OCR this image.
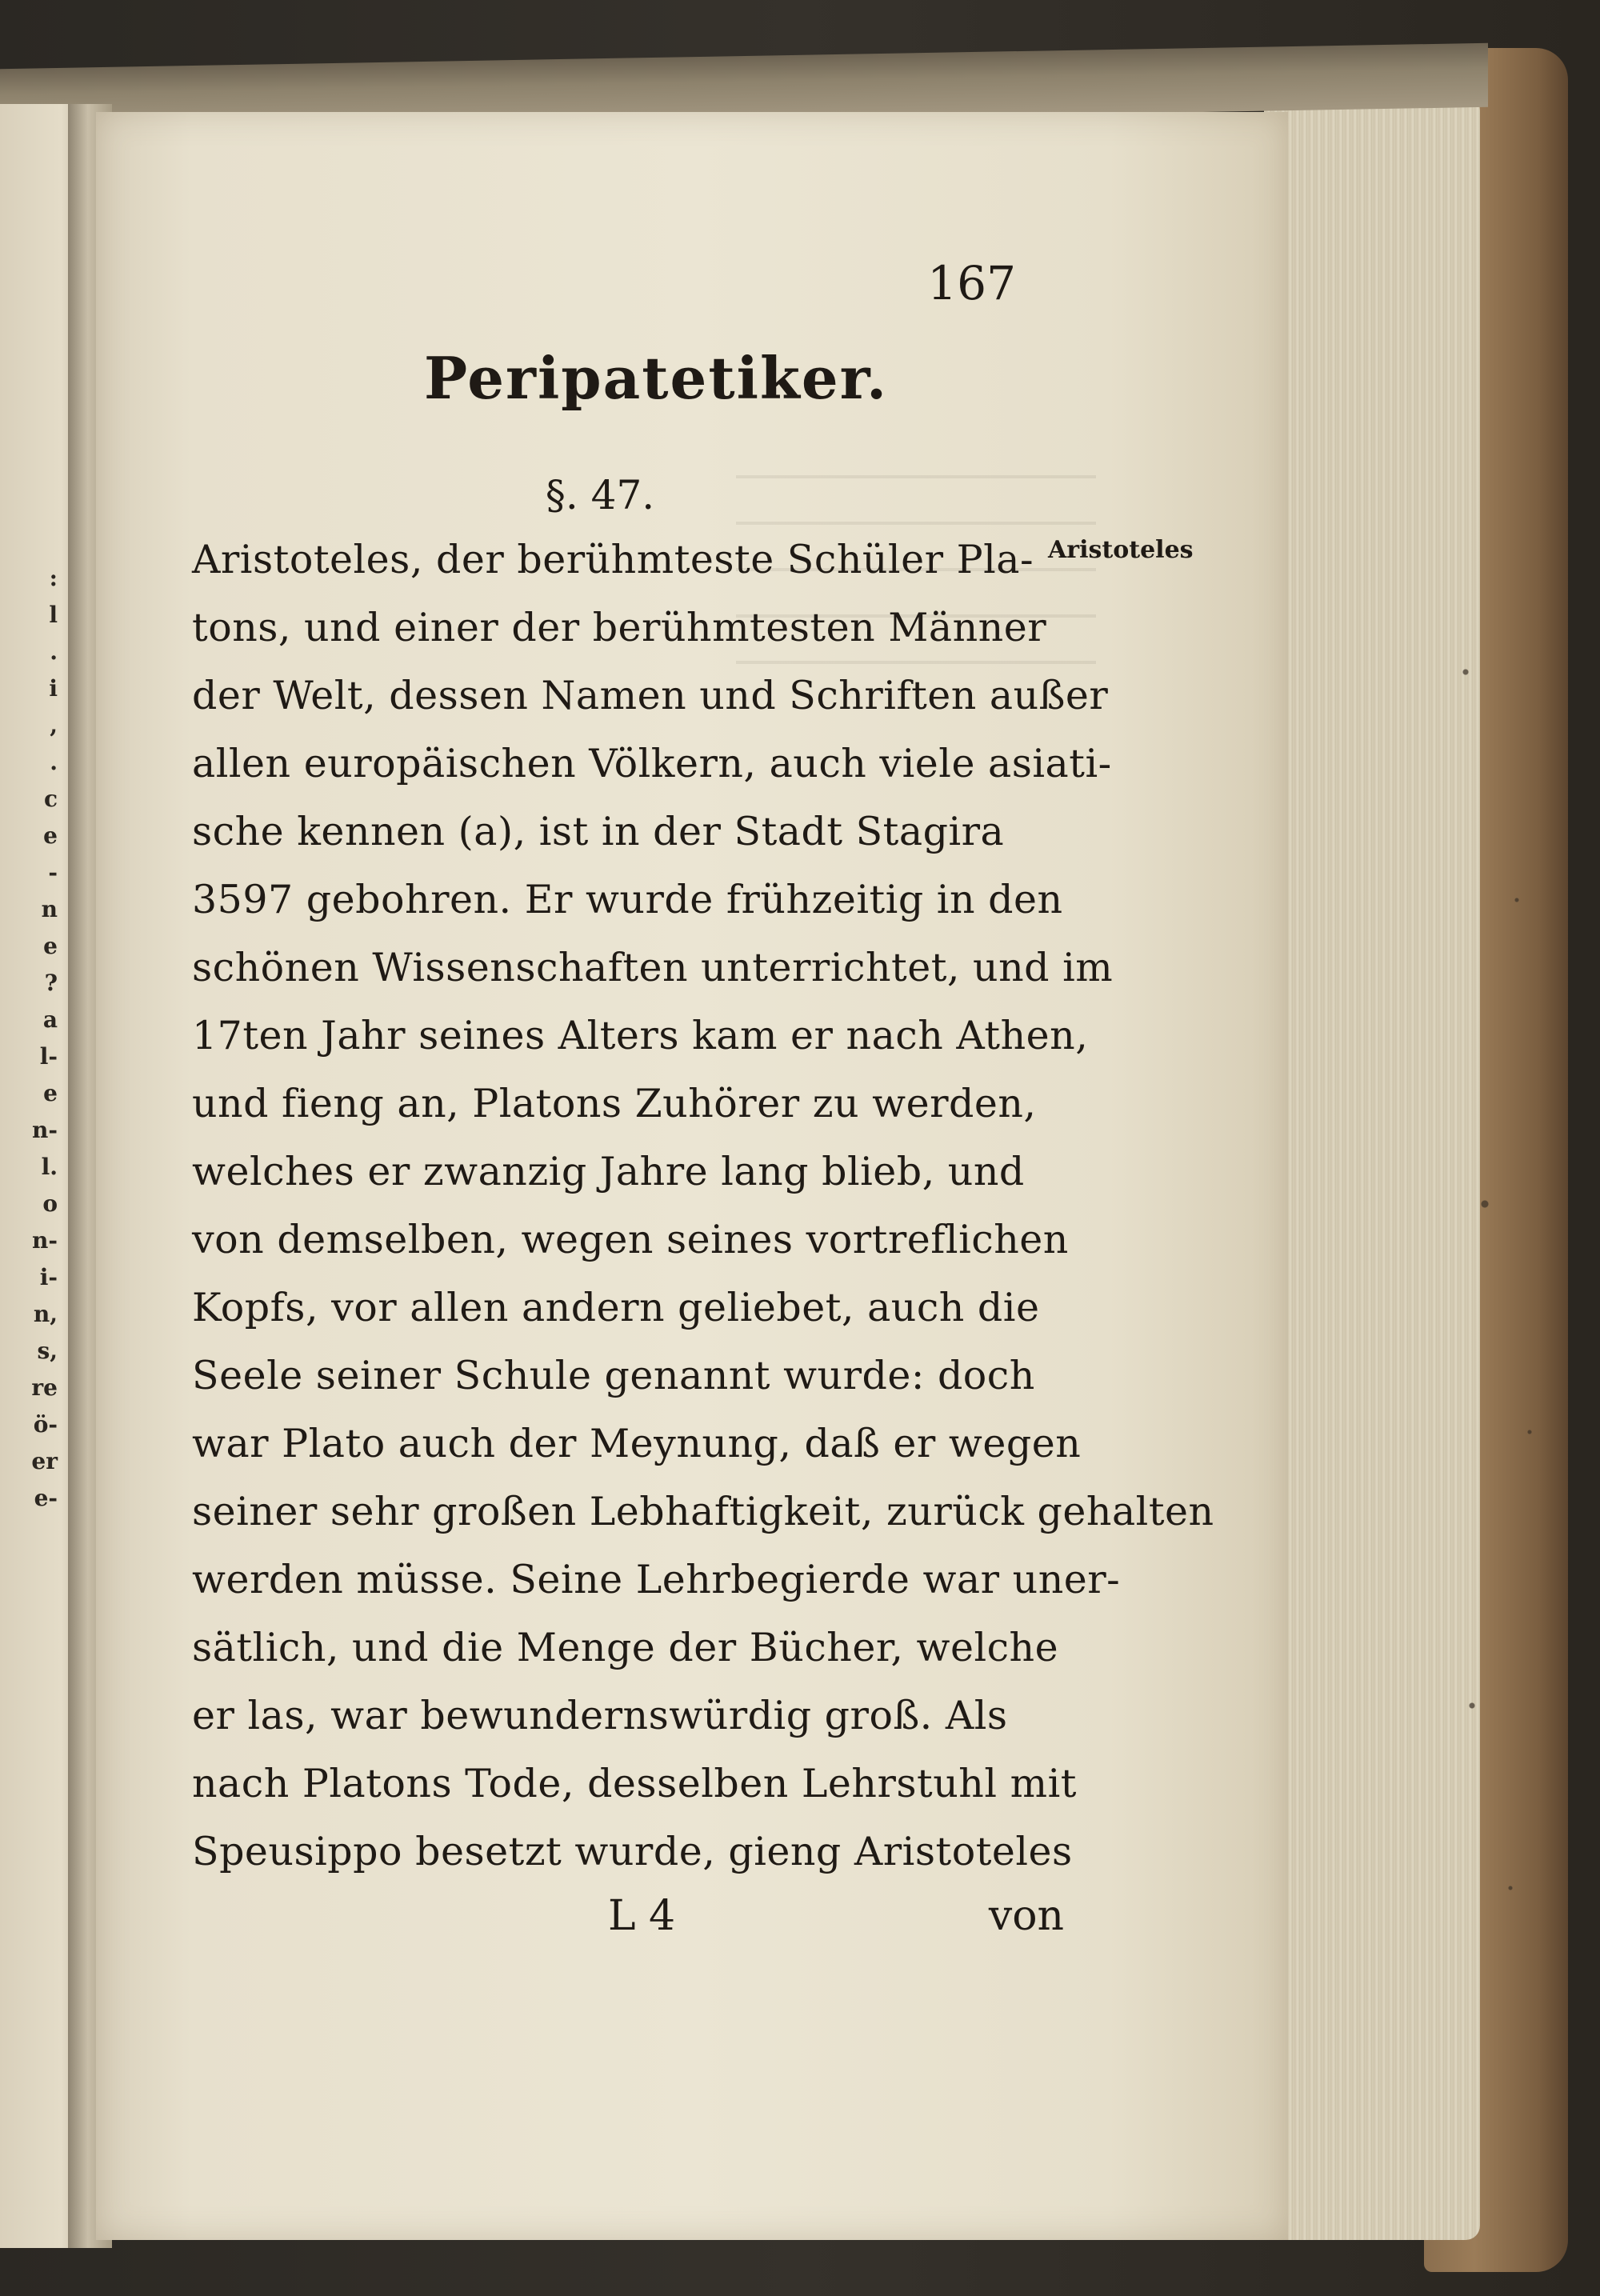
:
l
.
i
,
.
c
e
-
n
e
?
a
l-
e
n-
l.
o
n-
i-
n,
s,
re
ö-
er
e-
167
Peripatetiker.
§. 47.
Aristoteles
Aristoteles, der berühmteste Schüler Pla-
tons, und einer der berühmtesten Männer
der Welt, dessen Namen und Schriften außer
allen europäischen Völkern, auch viele asiati-
sche kennen (a), ist in der Stadt Stagira
3597 gebohren. Er wurde frühzeitig in den
schönen Wissenschaften unterrichtet, und im
17ten Jahr seines Alters kam er nach Athen,
und fieng an, Platons Zuhörer zu werden,
welches er zwanzig Jahre lang blieb, und
von demselben, wegen seines vortreflichen
Kopfs, vor allen andern geliebet, auch die
Seele seiner Schule genannt wurde: doch
war Plato auch der Meynung, daß er wegen
seiner sehr großen Lebhaftigkeit, zurück gehalten
werden müsse. Seine Lehrbegierde war uner-
sätlich, und die Menge der Bücher, welche
er las, war bewundernswürdig groß. Als
nach Platons Tode, desselben Lehrstuhl mit
Speusippo besetzt wurde, gieng Aristoteles
L 4	von
